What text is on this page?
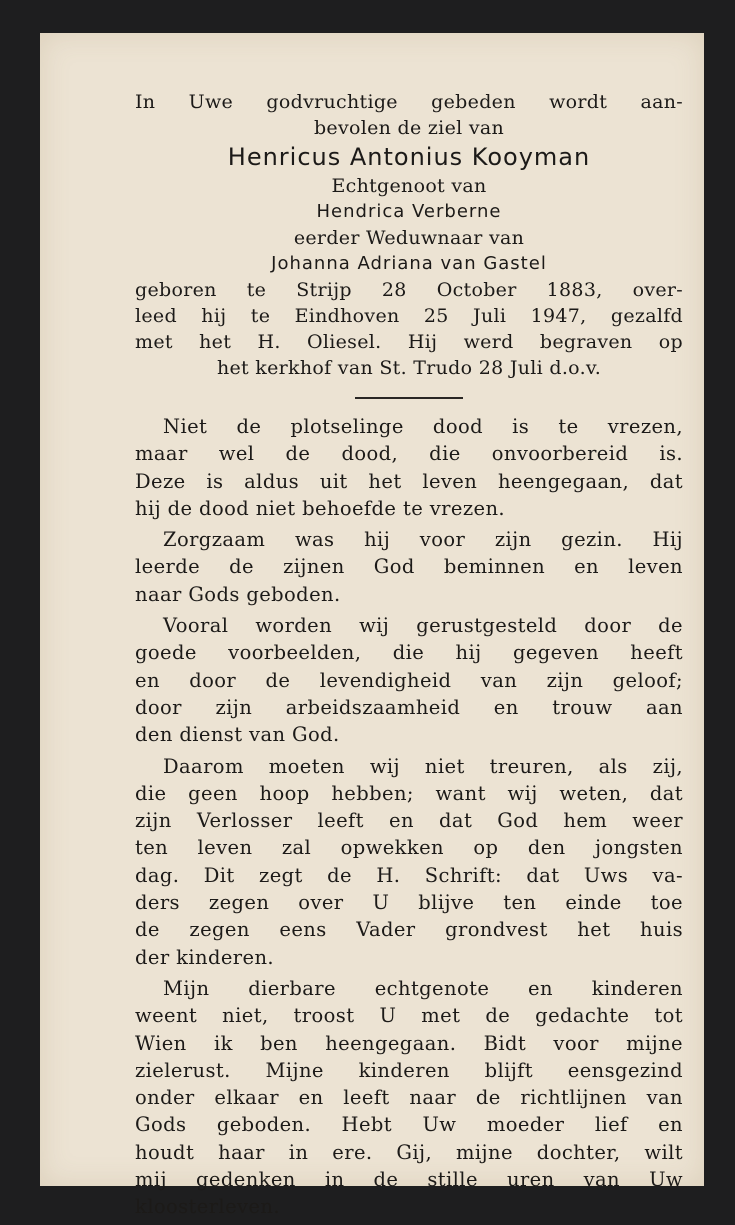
In Uwe godvruchtige gebeden wordt aan-
bevolen de ziel van
Henricus Antonius Kooyman
Echtgenoot van
Hendrica Verberne
eerder Weduwnaar van
Johanna Adriana van Gastel
geboren te Strijp 28 October 1883, over-
leed hij te Eindhoven 25 Juli 1947, gezalfd
met het H. Oliesel. Hij werd begraven op
het kerkhof van St. Trudo 28 Juli d.o.v.
Niet de plotselinge dood is te vrezen,
maar wel de dood, die onvoorbereid is.
Deze is aldus uit het leven heengegaan, dat
hij de dood niet behoefde te vrezen.
Zorgzaam was hij voor zijn gezin. Hij
leerde de zijnen God beminnen en leven
naar Gods geboden.
Vooral worden wij gerustgesteld door de
goede voorbeelden, die hij gegeven heeft
en door de levendigheid van zijn geloof;
door zijn arbeidszaamheid en trouw aan
den dienst van God.
Daarom moeten wij niet treuren, als zij,
die geen hoop hebben; want wij weten, dat
zijn Verlosser leeft en dat God hem weer
ten leven zal opwekken op den jongsten
dag. Dit zegt de H. Schrift: dat Uws va-
ders zegen over U blijve ten einde toe
de zegen eens Vader grondvest het huis
der kinderen.
Mijn dierbare echtgenote en kinderen
weent niet, troost U met de gedachte tot
Wien ik ben heengegaan. Bidt voor mijne
zielerust. Mijne kinderen blijft eensgezind
onder elkaar en leeft naar de richtlijnen van
Gods geboden. Hebt Uw moeder lief en
houdt haar in ere. Gij, mijne dochter, wilt
mij gedenken in de stille uren van Uw
kloosterleven.
